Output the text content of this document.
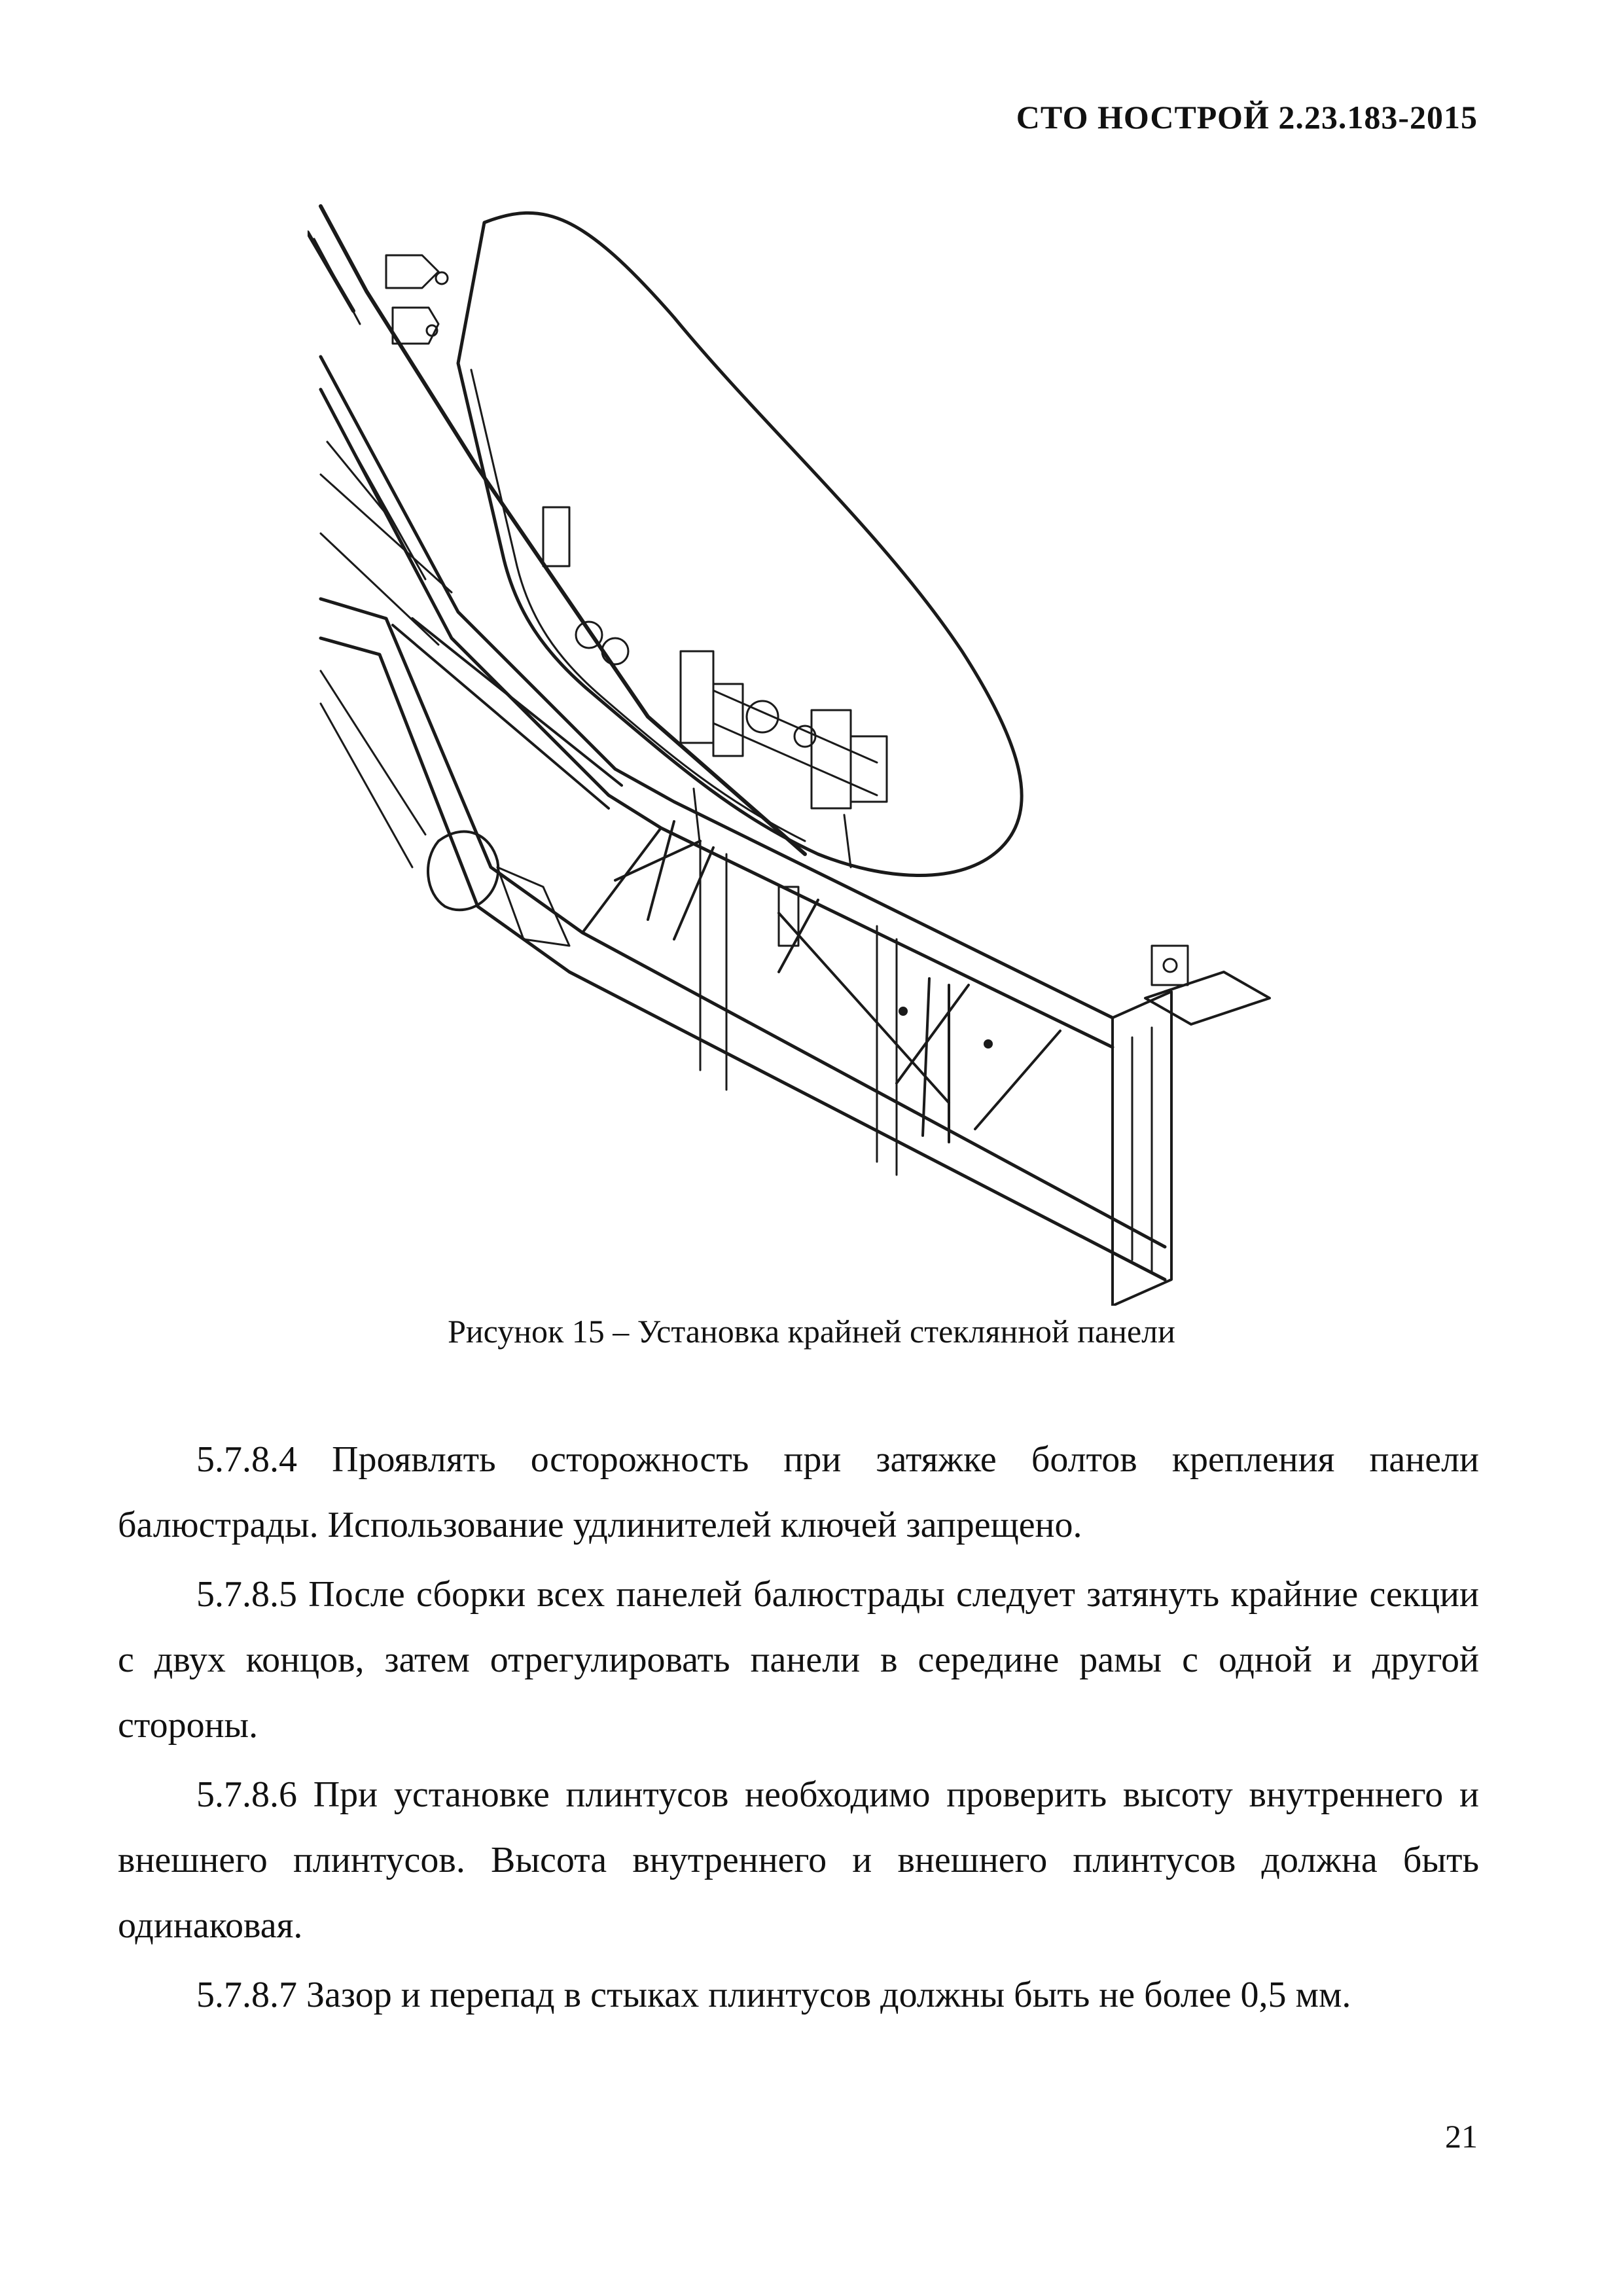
СТО НОСТРОЙ 2.23.183-2015
Рисунок 15 – Установка крайней стеклянной панели

5.7.8.4 Проявлять осторожность при затяжке болтов крепления панели балюстрады. Использование удлинителей ключей запрещено.

5.7.8.5 После сборки всех панелей балюстрады следует затянуть крайние секции с двух концов, затем отрегулировать панели в середине рамы с одной и другой стороны.

5.7.8.6 При установке плинтусов необходимо проверить высоту внутреннего и внешнего плинтусов. Высота внутреннего и внешнего плинтусов должна быть одинаковая.

5.7.8.7 Зазор и перепад в стыках плинтусов должны быть не более 0,5 мм.

21
